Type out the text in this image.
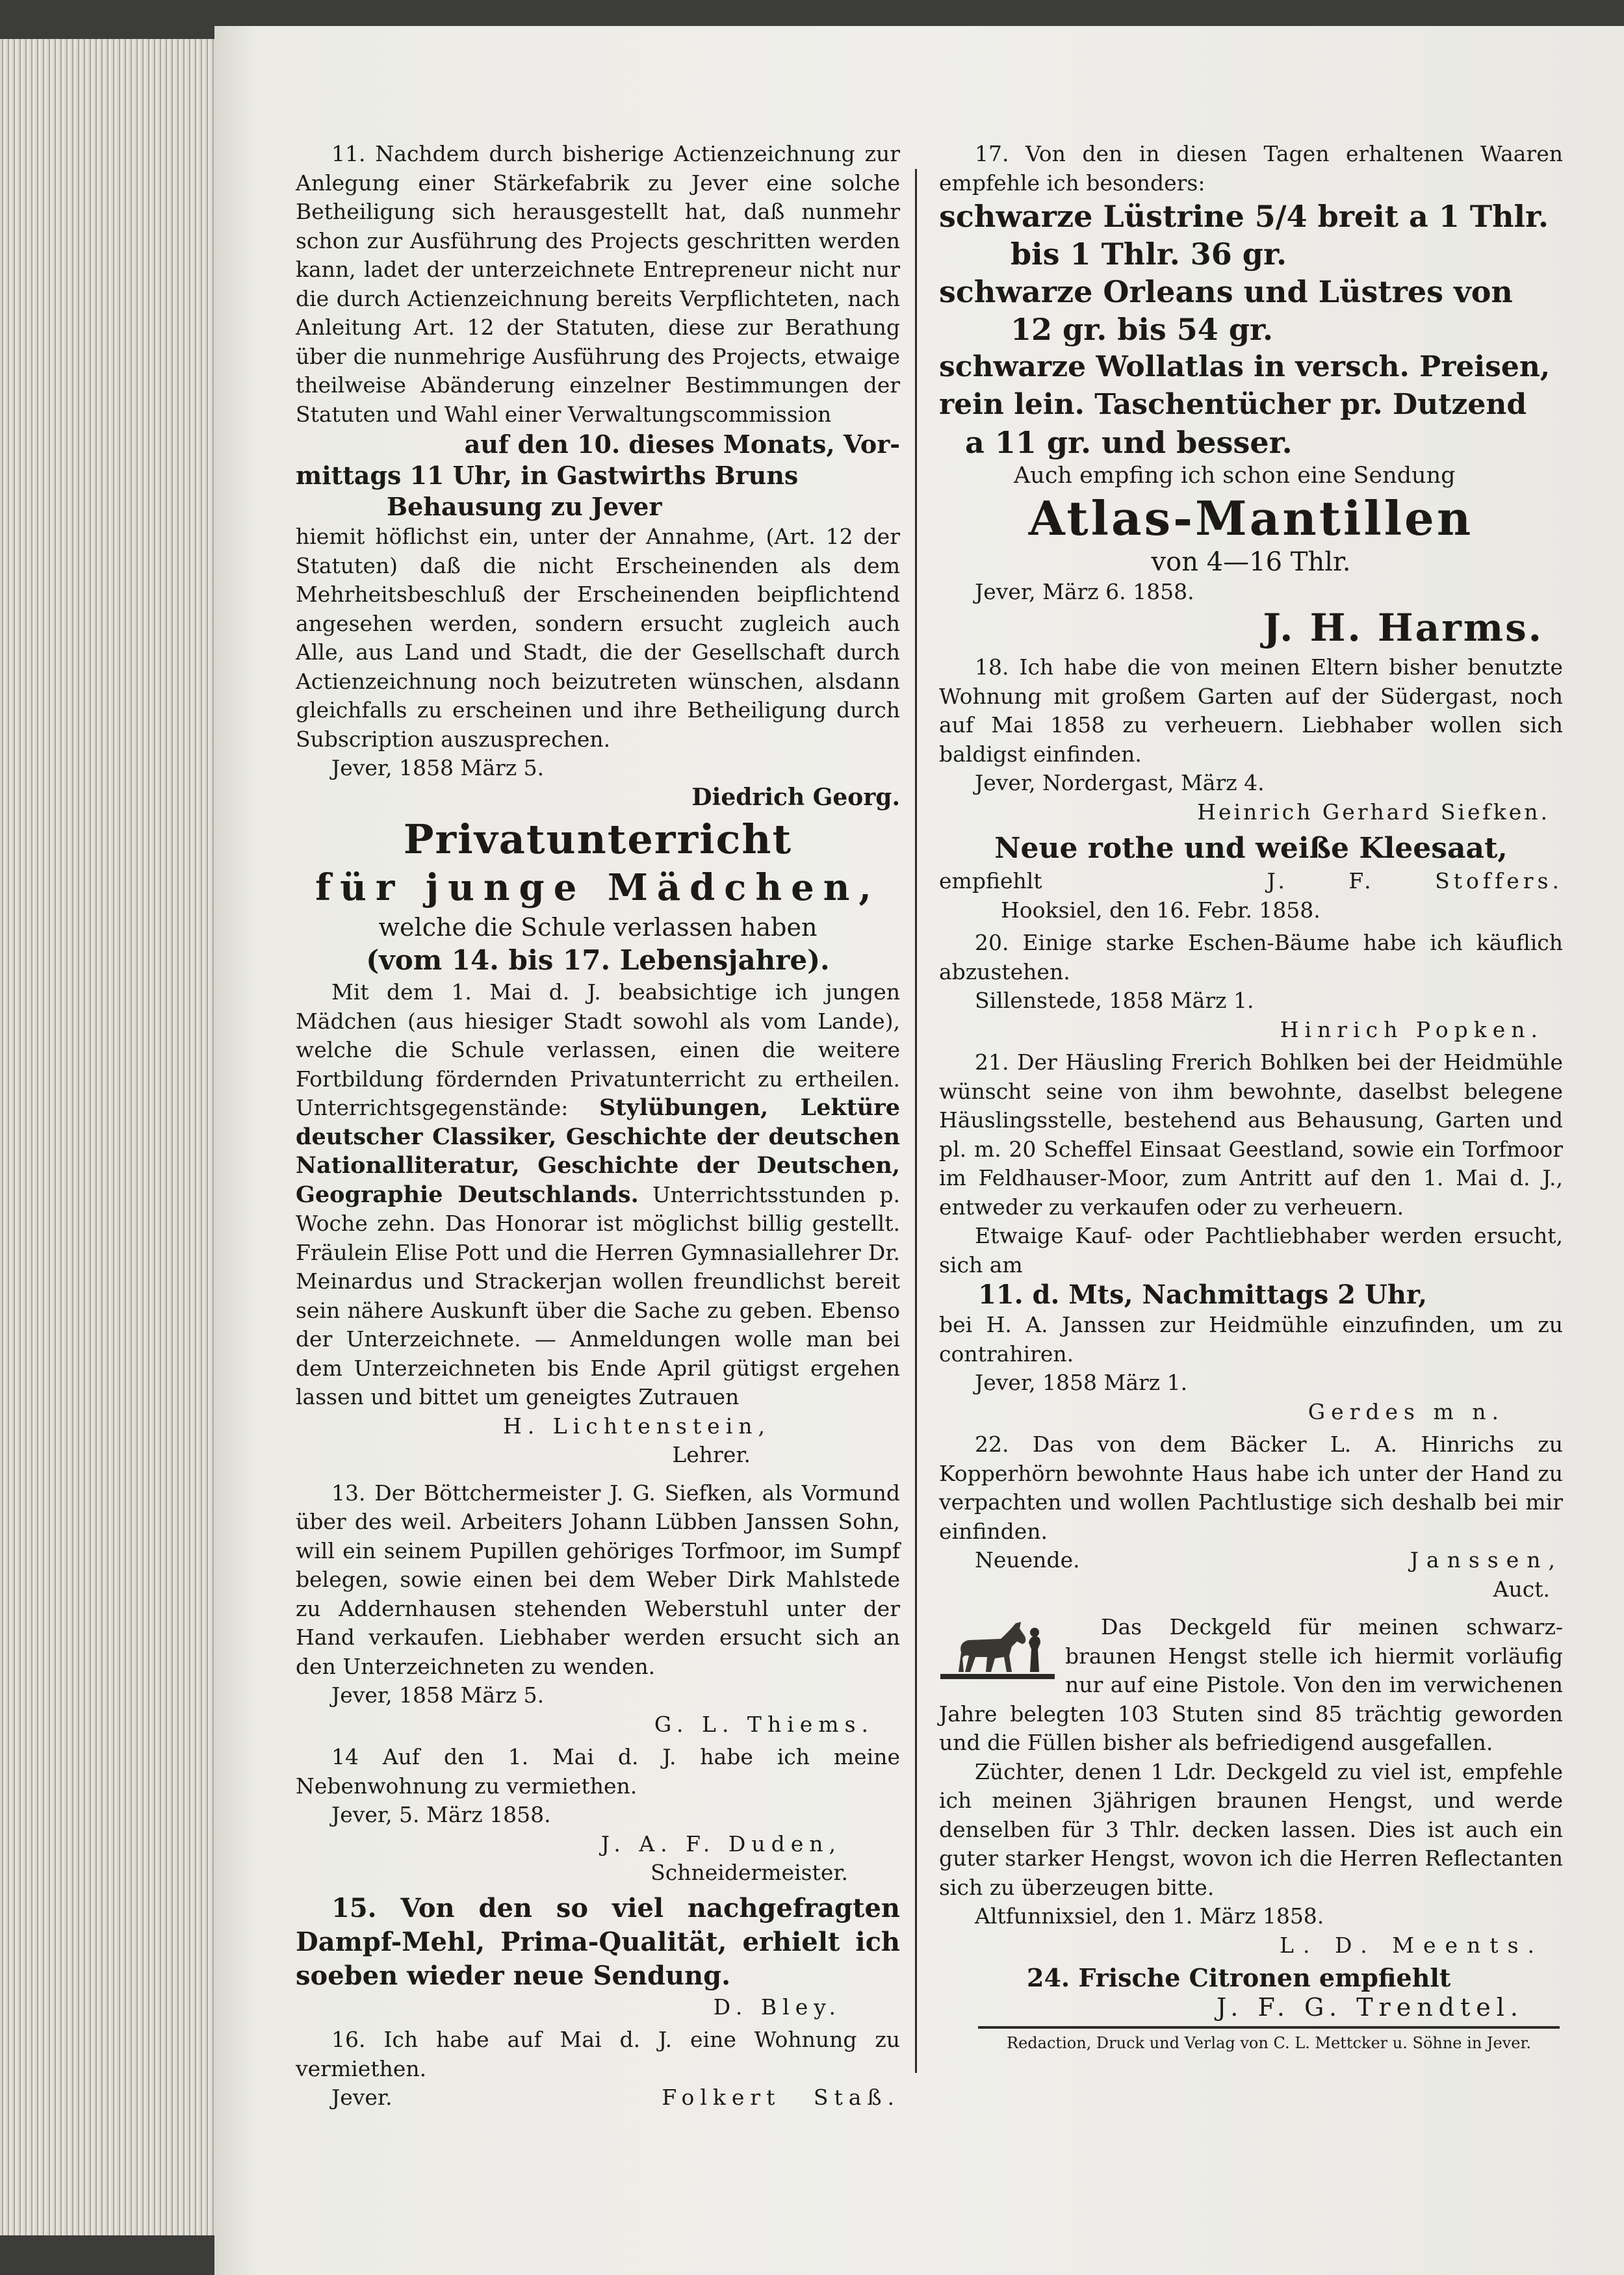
11. Nachdem durch bisherige Actienzeichnung zur Anlegung einer Stärkefabrik zu Jever eine solche Betheiligung sich herausgestellt hat, daß nunmehr schon zur Ausführung des Projects geschritten werden kann, ladet der unterzeichnete Entrepreneur nicht nur die durch Actienzeichnung bereits Verpflichteten, nach Anleitung Art. 12 der Statuten, diese zur Berathung über die nunmehrige Ausführung des Projects, etwaige theilweise Abänderung einzelner Bestimmungen der Statuten und Wahl einer Verwaltungscommission

auf den 10. dieses Monats, Vor-

mittags 11 Uhr, in Gastwirths Bruns

Behausung zu Jever

hiemit höflichst ein, unter der Annahme, (Art. 12 der Statuten) daß die nicht Erscheinenden als dem Mehrheitsbeschluß der Erscheinenden beipflichtend angesehen werden, sondern ersucht zugleich auch Alle, aus Land und Stadt, die der Gesellschaft durch Actienzeichnung noch beizutreten wünschen, alsdann gleichfalls zu erscheinen und ihre Betheiligung durch Subscription auszusprechen.

Jever, 1858 März 5.

Diedrich Georg.

Privatunterricht

für junge Mädchen,

welche die Schule verlassen haben

(vom 14. bis 17. Lebensjahre).

Mit dem 1. Mai d. J. beabsichtige ich jungen Mädchen (aus hiesiger Stadt sowohl als vom Lande), welche die Schule verlassen, einen die weitere Fortbildung fördernden Privatunterricht zu ertheilen. Unterrichtsgegenstände: Stylübungen, Lektüre deutscher Classiker, Geschichte der deutschen Nationalliteratur, Geschichte der Deutschen, Geographie Deutschlands. Unterrichtsstunden p. Woche zehn. Das Honorar ist möglichst billig gestellt. Fräulein Elise Pott und die Herren Gymnasiallehrer Dr. Meinardus und Strackerjan wollen freundlichst bereit sein nähere Auskunft über die Sache zu geben. Ebenso der Unterzeichnete. — Anmeldungen wolle man bei dem Unterzeichneten bis Ende April gütigst ergehen lassen und bittet um geneigtes Zutrauen

H. Lichtenstein,

Lehrer.

13. Der Böttchermeister J. G. Siefken, als Vormund über des weil. Arbeiters Johann Lübben Janssen Sohn, will ein seinem Pupillen gehöriges Torfmoor, im Sumpf belegen, sowie einen bei dem Weber Dirk Mahlstede zu Addernhausen stehenden Weberstuhl unter der Hand verkaufen. Liebhaber werden ersucht sich an den Unterzeichneten zu wenden.

Jever, 1858 März 5.

G. L. Thiems.

14 Auf den 1. Mai d. J. habe ich meine Nebenwohnung zu vermiethen.

Jever, 5. März 1858.

J. A. F. Duden,

Schneidermeister.

15. Von den so viel nachgefragten Dampf-Mehl, Prima-Qualität, erhielt ich soeben wieder neue Sendung.

D. Bley.

16. Ich habe auf Mai d. J. eine Wohnung zu vermiethen.

Jever.	Folkert Staß.

17. Von den in diesen Tagen erhaltenen Waaren empfehle ich besonders:

schwarze Lüstrine 5/4 breit a 1 Thlr.

bis 1 Thlr. 36 gr.

schwarze Orleans und Lüstres von

12 gr. bis 54 gr.

schwarze Wollatlas in versch. Preisen,

rein lein. Taschentücher pr. Dutzend

a 11 gr. und besser.

Auch empfing ich schon eine Sendung

Atlas-Mantillen

von 4—16 Thlr.

Jever, März 6. 1858.

J. H. Harms.

18. Ich habe die von meinen Eltern bisher benutzte Wohnung mit großem Garten auf der Südergast, noch auf Mai 1858 zu verheuern. Liebhaber wollen sich baldigst einfinden.

Jever, Nordergast, März 4.

Heinrich Gerhard Siefken.

Neue rothe und weiße Kleesaat,

empfiehlt	J. F. Stoffers.

Hooksiel, den 16. Febr. 1858.

20. Einige starke Eschen-Bäume habe ich käuflich abzustehen.

Sillenstede, 1858 März 1.

Hinrich Popken.

21. Der Häusling Frerich Bohlken bei der Heidmühle wünscht seine von ihm bewohnte, daselbst belegene Häuslingsstelle, bestehend aus Behausung, Garten und pl. m. 20 Scheffel Einsaat Geestland, sowie ein Torfmoor im Feldhauser-Moor, zum Antritt auf den 1. Mai d. J., entweder zu verkaufen oder zu verheuern.

Etwaige Kauf- oder Pachtliebhaber werden ersucht, sich am

11. d. Mts, Nachmittags 2 Uhr,

bei H. A. Janssen zur Heidmühle einzufinden, um zu contrahiren.

Jever, 1858 März 1.

Gerdes m n.

22. Das von dem Bäcker L. A. Hinrichs zu Kopperhörn bewohnte Haus habe ich unter der Hand zu verpachten und wollen Pachtlustige sich deshalb bei mir einfinden.

Neuende.	Janssen,

Auct.

Das Deckgeld für meinen schwarz-braunen Hengst stelle ich hiermit vorläufig nur auf eine Pistole. Von den im verwichenen Jahre belegten 103 Stuten sind 85 trächtig geworden und die Füllen bisher als befriedigend ausgefallen.

Züchter, denen 1 Ldr. Deckgeld zu viel ist, empfehle ich meinen 3jährigen braunen Hengst, und werde denselben für 3 Thlr. decken lassen. Dies ist auch ein guter starker Hengst, wovon ich die Herren Reflectanten sich zu überzeugen bitte.

Altfunnixsiel, den 1. März 1858.

L. D. Meents.

24. Frische Citronen empfiehlt

J. F. G. Trendtel.

Redaction, Druck und Verlag von C. L. Mettcker u. Söhne in Jever.
